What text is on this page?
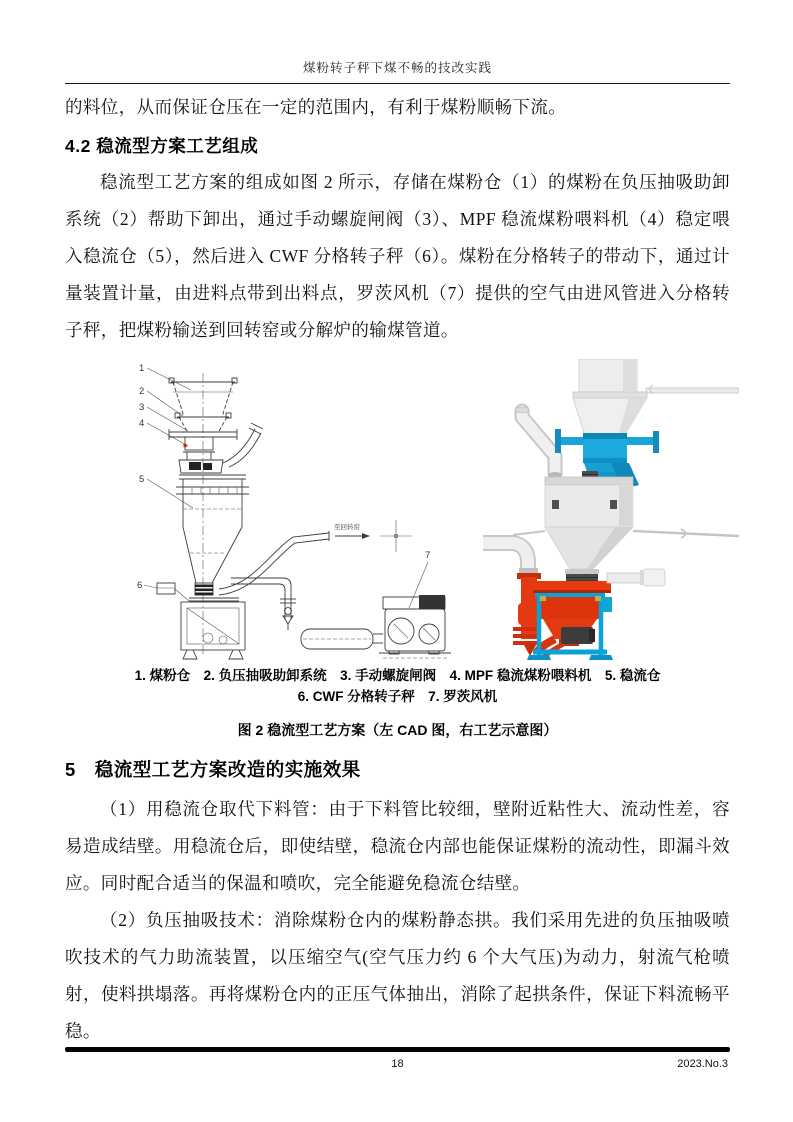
煤粉转子秤下煤不畅的技改实践

的料位，从而保证仓压在一定的范围内，有利于煤粉顺畅下流。

4.2 稳流型方案工艺组成

稳流型工艺方案的组成如图 2 所示，存储在煤粉仓（1）的煤粉在负压抽吸助卸系统（2）帮助下卸出，通过手动螺旋闸阀（3）、MPF 稳流煤粉喂料机（4）稳定喂入稳流仓（5），然后进入 CWF 分格转子秤（6）。煤粉在分格转子的带动下，通过计量装置计量，由进料点带到出料点，罗茨风机（7）提供的空气由进风管进入分格转子秤，把煤粉输送到回转窑或分解炉的输煤管道。

1
2
3
4
5
6
7
至回转窑
1. 煤粉仓　2. 负压抽吸助卸系统　3. 手动螺旋闸阀　4. MPF 稳流煤粉喂料机　5. 稳流仓
6. CWF 分格转子秤　7. 罗茨风机
图 2 稳流型工艺方案（左 CAD 图，右工艺示意图）
5　稳流型工艺方案改造的实施效果

（1）用稳流仓取代下料管：由于下料管比较细，壁附近粘性大、流动性差，容易造成结壁。用稳流仓后，即使结壁，稳流仓内部也能保证煤粉的流动性，即漏斗效应。同时配合适当的保温和喷吹，完全能避免稳流仓结壁。

（2）负压抽吸技术：消除煤粉仓内的煤粉静态拱。我们采用先进的负压抽吸喷吹技术的气力助流装置，以压缩空气(空气压力约 6 个大气压)为动力，射流气枪喷射，使料拱塌落。再将煤粉仓内的正压气体抽出，消除了起拱条件，保证下料流畅平稳。

18	2023.No.3
